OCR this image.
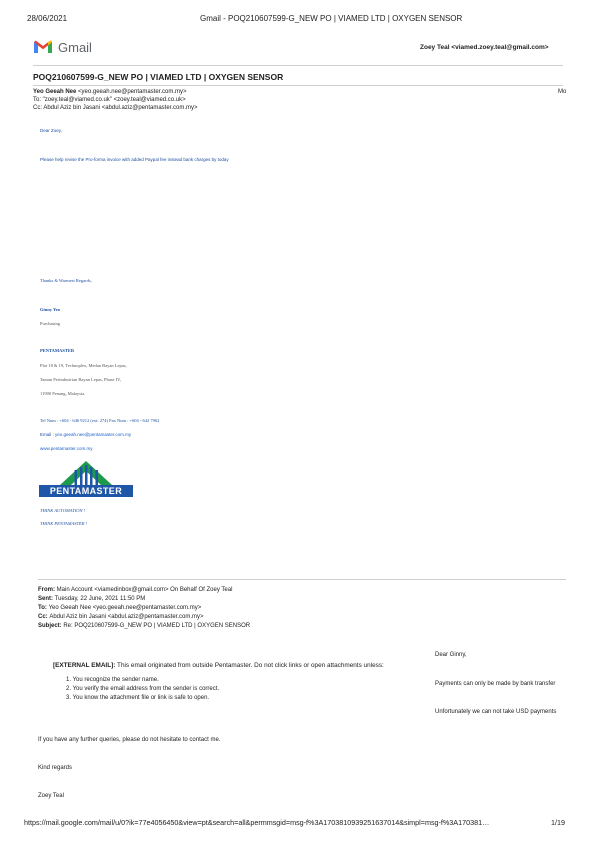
28/06/2021	Gmail - POQ210607599-G_NEW PO | VIAMED LTD | OXYGEN SENSOR
Gmail	Zoey Teal <viamed.zoey.teal@gmail.com>
POQ210607599-G_NEW PO | VIAMED LTD | OXYGEN SENSOR
Yeo Geeah Nee <yeo.geeah.nee@pentamaster.com.my>	Mo
To: "zoey.teal@viamed.co.uk" <zoey.teal@viamed.co.uk>
Cc: Abdul Aziz bin Jasani <abdul.aziz@pentamaster.com.my>
Dear Zoey,
Please help revise the Pro-forma invoice with added Paypal fee instead bank charges by today
Thanks & Warmest Regards,
Ginny Yeo
Purchasing
PENTAMASTER
Plot 18 & 19, Technoplex, Medan Bayan Lepas,
Taman Perindustrian Bayan Lepas, Phase IV,
11900 Penang, Malaysia.
Tel Num : +604 - 646 9212 (ext: 274) Fax Num : +604 - 642 7962
Email : yeo.geeah.nee@pentamaster.com.my
www.pentamaster.com.my
PENTAMASTER
THINK AUTOMATION !
THINK PENTAMASTER !
From: Main Account <viamedinbox@gmail.com> On Behalf Of Zoey Teal
Sent: Tuesday, 22 June, 2021 11:50 PM
To: Yeo Geeah Nee <yeo.geeah.nee@pentamaster.com.my>
Cc: Abdul Aziz bin Jasani <abdul.aziz@pentamaster.com.my>
Subject: Re: POQ210607599-G_NEW PO | VIAMED LTD | OXYGEN SENSOR
[EXTERNAL EMAIL]: This email originated from outside Pentamaster. Do not click links or open attachments unless:
1. You recognize the sender name.
2. You verify the email address from the sender is correct.
3. You know the attachment file or link is safe to open.
Dear Ginny,
Payments can only be made by bank transfer
Unfortunately we can not take USD payments
If you have any further queries, please do not hesitate to contact me.
Kind regards
Zoey Teal
https://mail.google.com/mail/u/0?ik=77e4056450&view=pt&search=all&permmsgid=msg-f%3A1703810939251637014&simpl=msg-f%3A170381…	1/19
